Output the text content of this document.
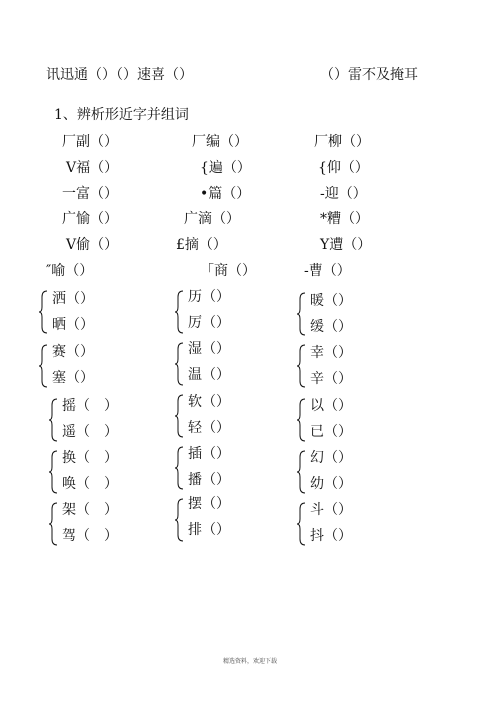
讯迅通（）（）速喜（）	（）雷不及掩耳
1、辨析形近字并组词
厂副（）	厂编（）	厂柳（）
V福（）	{遍（）	{仰（）
一富（）	•篇（）	-迎（）
广愉（）	广滴（）	*糟（）
V偷（）	£摘（）	Y遭（）
″喻（）	「商（）	-曹（）
洒（）
晒（）
历（）
厉（）
暖（）
缓（）
赛（）
塞（）
湿（）
温（）
幸（）
辛（）
摇（　）
遥（　）
软（）
轻（）
以（）
已（）
换（　）
唤（　）
插（）
播（）
幻（）
幼（）
架（　）
驾（　）
摆（）
排（）
斗（）
抖（）
精选资料，欢迎下载
